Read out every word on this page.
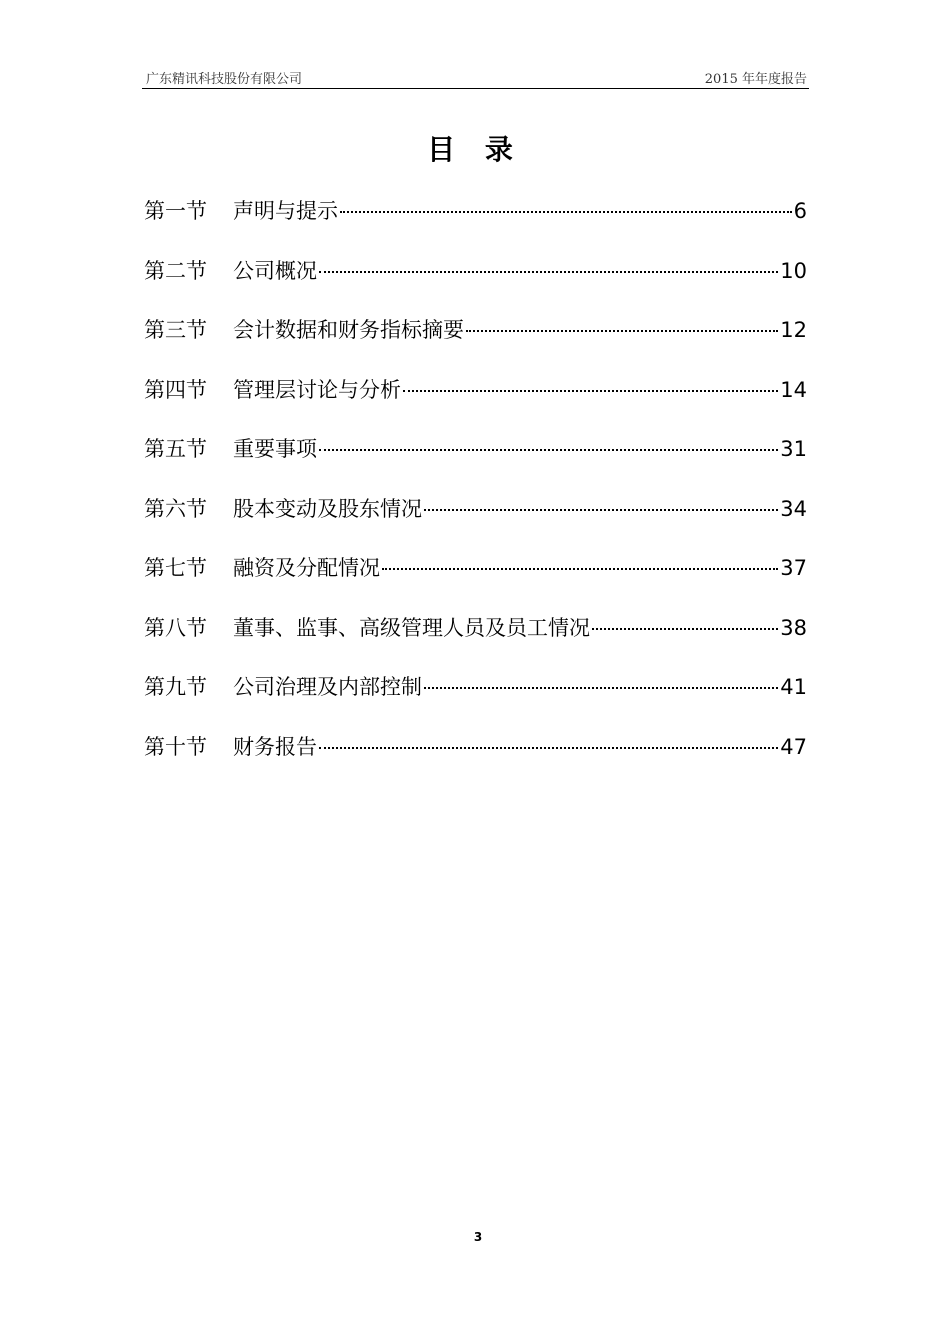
广东精讯科技股份有限公司	2015 年年度报告
目 录
第一节	声明与提示	6
第二节	公司概况	10
第三节	会计数据和财务指标摘要	12
第四节	管理层讨论与分析	14
第五节	重要事项	31
第六节	股本变动及股东情况	34
第七节	融资及分配情况	37
第八节	董事、监事、高级管理人员及员工情况	38
第九节	公司治理及内部控制	41
第十节	财务报告	47
3
